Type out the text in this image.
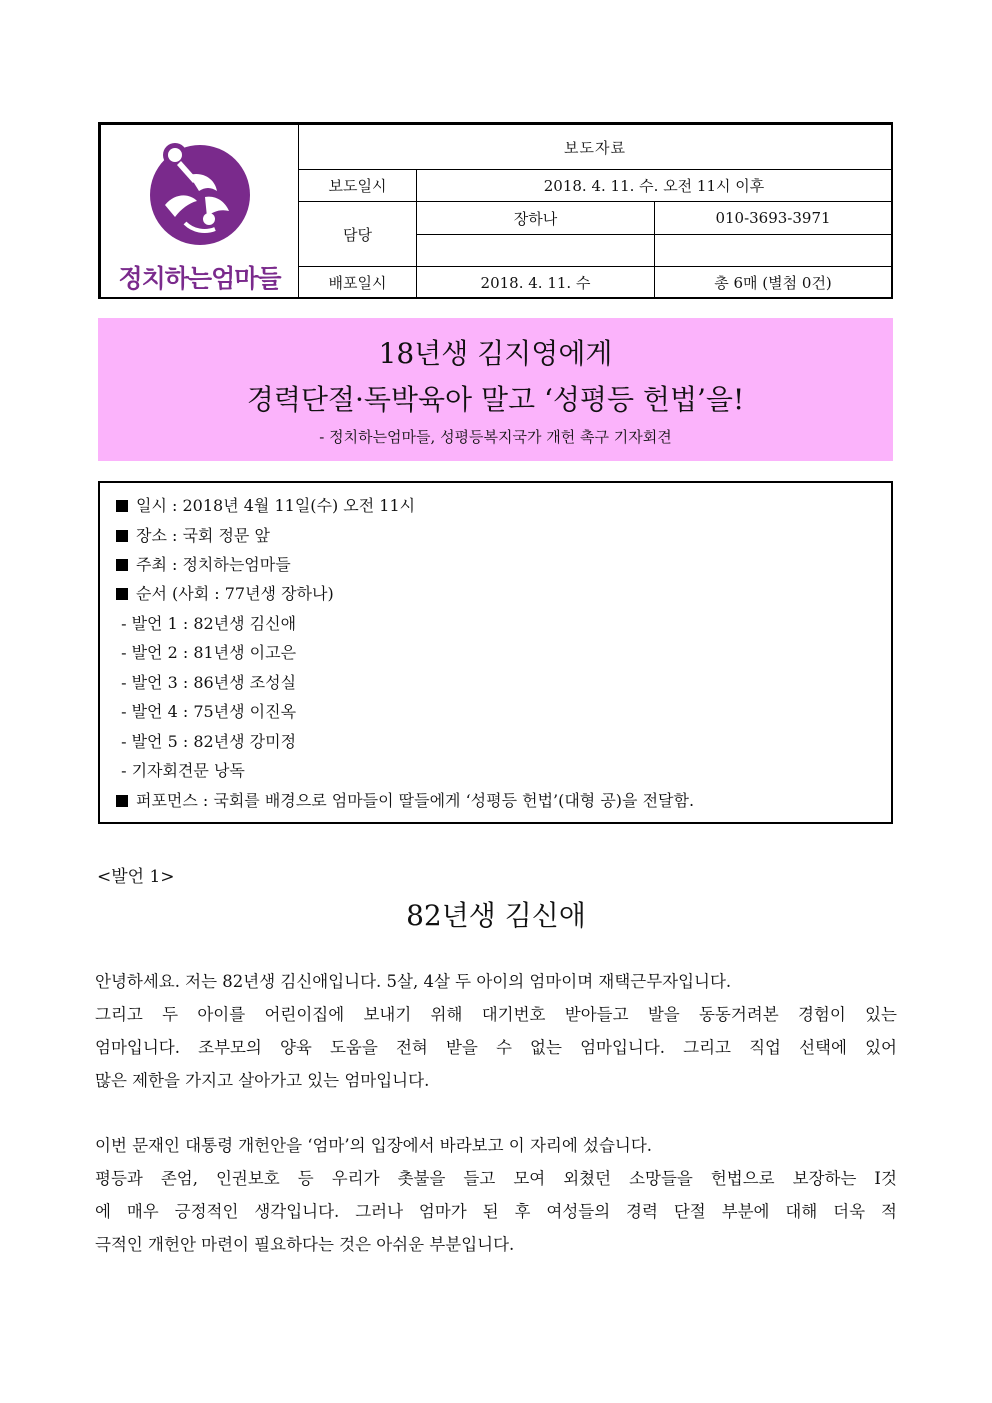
정치하는엄마들	보도자료		
	보도일시	2018. 4. 11. 수. 오전 11시 이후	
	담당	장하나	010-3693-3971

	배포일시	2018. 4. 11. 수	총 6매 (별첨 0건)
18년생 김지영에게
경력단절·독박육아 말고 ‘성평등 헌법’을!
- 정치하는엄마들, 성평등복지국가 개헌 촉구 기자회견
일시 : 2018년 4월 11일(수) 오전 11시
장소 : 국회 정문 앞
주최 : 정치하는엄마들
순서 (사회 : 77년생 장하나)
- 발언 1 : 82년생 김신애
- 발언 2 : 81년생 이고은
- 발언 3 : 86년생 조성실
- 발언 4 : 75년생 이진옥
- 발언 5 : 82년생 강미정
- 기자회견문 낭독
퍼포먼스 : 국회를 배경으로 엄마들이 딸들에게 ‘성평등 헌법’(대형 공)을 전달함.
<발언 1>
82년생 김신애
안녕하세요. 저는 82년생 김신애입니다. 5살, 4살 두 아이의 엄마이며 재택근무자입니다.
그리고 두 아이를 어린이집에 보내기 위해 대기번호 받아들고 발을 동동거려본 경험이 있는
엄마입니다. 조부모의 양육 도움을 전혀 받을 수 없는 엄마입니다. 그리고 직업 선택에 있어
많은 제한을 가지고 살아가고 있는 엄마입니다.
이번 문재인 대통령 개헌안을 ‘엄마’의 입장에서 바라보고 이 자리에 섰습니다.
평등과 존엄, 인권보호 등 우리가 촛불을 들고 모여 외쳤던 소망들을 헌법으로 보장하는 Ⅰ것
에 매우 긍정적인 생각입니다. 그러나 엄마가 된 후 여성들의 경력 단절 부분에 대해 더욱 적
극적인 개헌안 마련이 필요하다는 것은 아쉬운 부분입니다.
